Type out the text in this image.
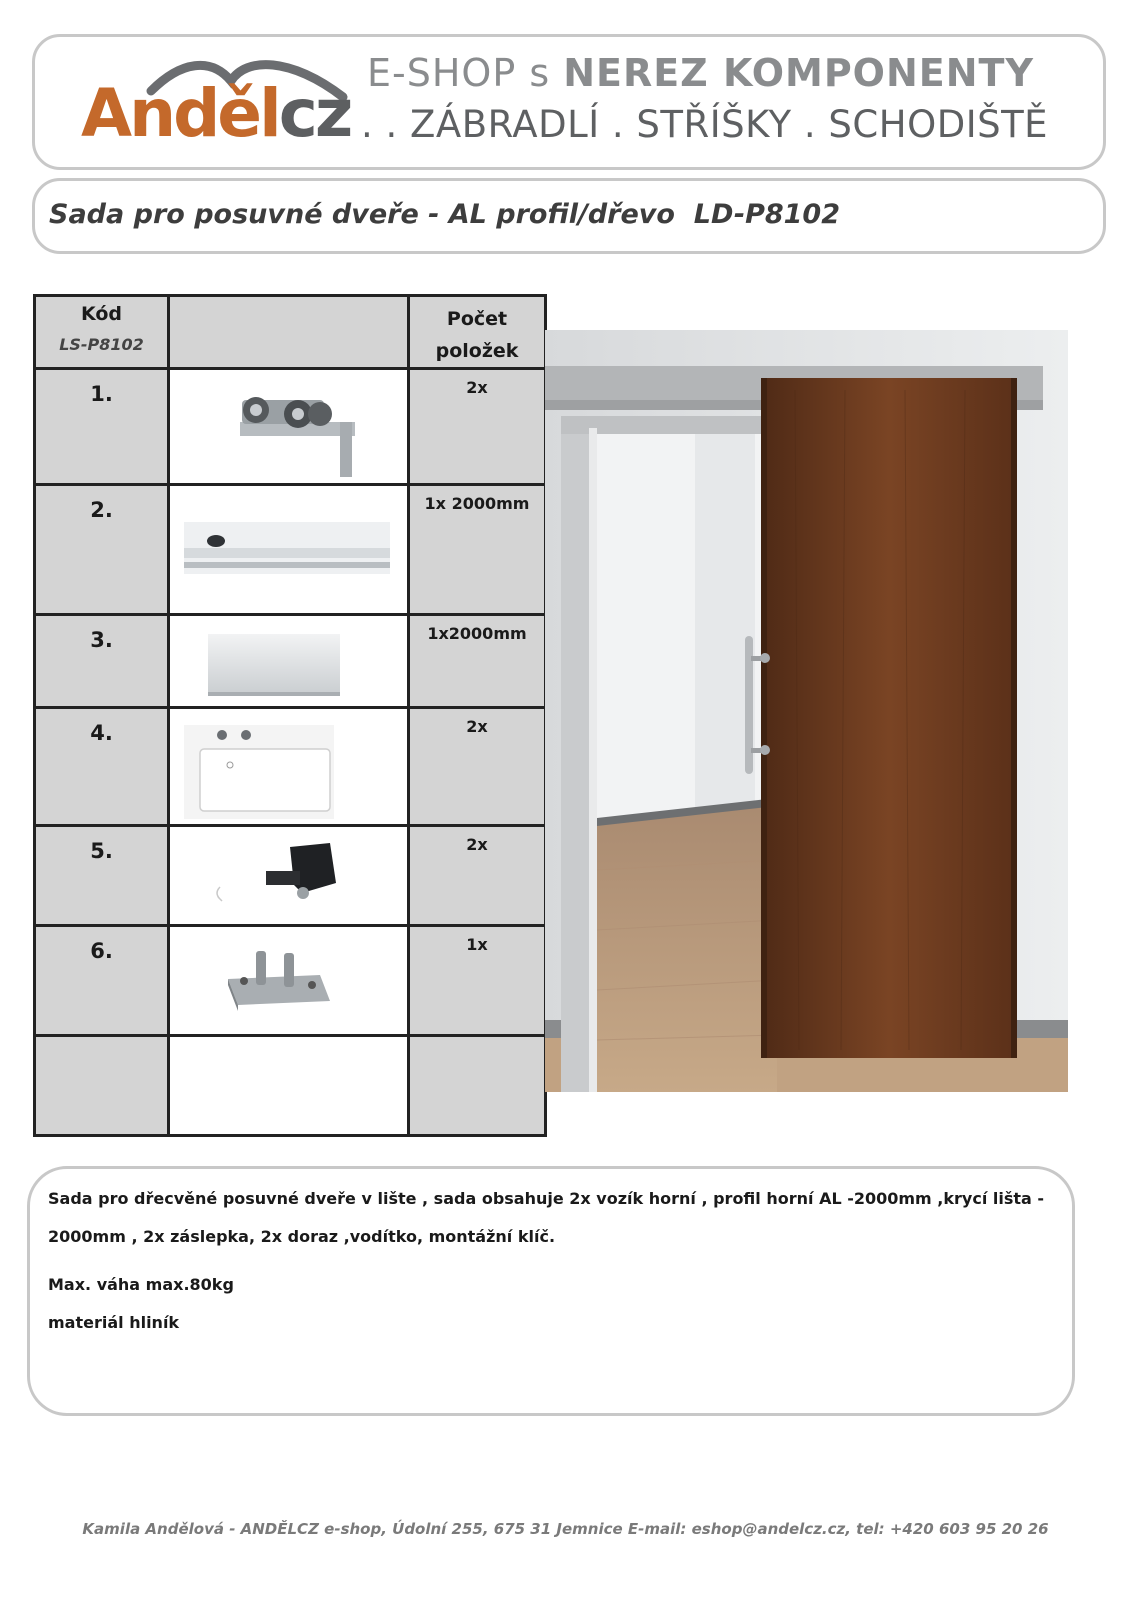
Andělcz
E-SHOP s NEREZ KOMPONENTY
. . ZÁBRADLÍ . STŘÍŠKY . SCHODIŠTĚ
Sada pro posuvné dveře - AL profil/dřevo  LD-P8102
Kód
LS-P8102		Počet
položek

1.		2x

2.		1x 2000mm

3.		1x2000mm

4.		2x

5.		2x

6.		1x

Sada pro dřecvěné posuvné dveře v lište , sada obsahuje 2x vozík horní , profil horní AL -2000mm ,krycí lišta -
2000mm , 2x záslepka, 2x doraz ,vodítko, montážní klíč.
Max. váha max.80kg
materiál hliník
Kamila Andělová - ANDĚLCZ e-shop, Údolní 255, 675 31 Jemnice E-mail: eshop@andelcz.cz, tel: +420 603 95 20 26
